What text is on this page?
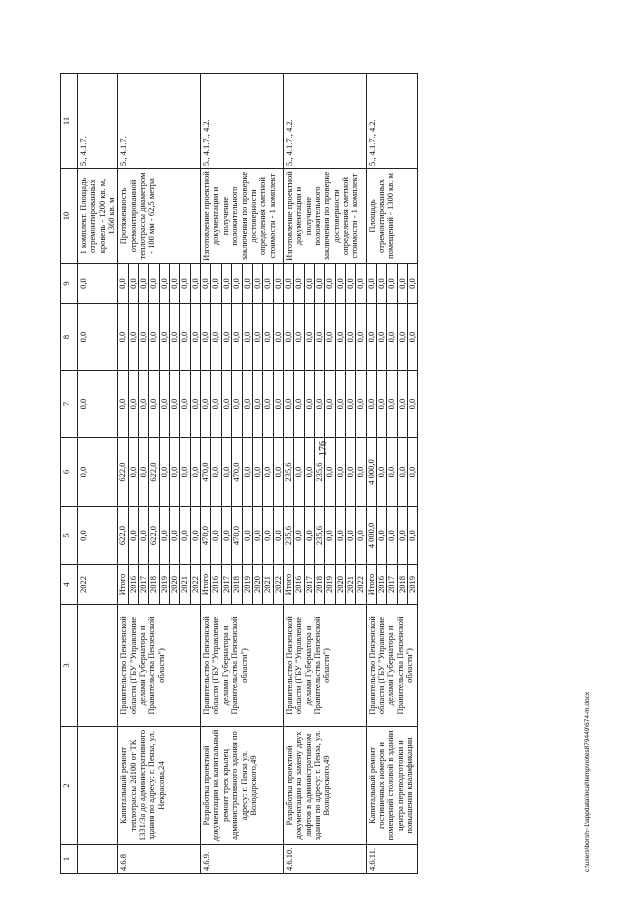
176
1	2	3	4	5	6	7	8	9	10	11
			2022	0,0	0,0	0,0	0,0	0,0	1 комплект. Площадь отремонтированных кровель - 1200 кв. м, 1360 кв. м	5., 4.1.7.
4.6.8	Капитальный ремонт теплотрассы 2d100 от ТК 1331/3а до административного здания по адресу: г. Пенза, ул. Некрасова,24	Правительство Пензенской области (ГБУ "Управление делами Губернатора и Правительства Пензенской области")	Итого	622,0	622,0	0,0	0,0	0,0	Протяженность отремонтированной теплотрассы диаметром - 100 мм - 62,5 метра	5., 4.1.7.
			2016	0,0	0,0	0,0	0,0	0,0		
			2017	0,0	0,0	0,0	0,0	0,0		
			2018	622,0	622,0	0,0	0,0	0,0		
			2019	0,0	0,0	0,0	0,0	0,0		
			2020	0,0	0,0	0,0	0,0	0,0		
			2021	0,0	0,0	0,0	0,0	0,0		
			2022	0,0	0,0	0,0	0,0	0,0		
4.6.9.	Разработка проектной документации на капитальный ремонт трех крылец административного здания по адресу: г. Пенза ул. Володарского,49	Правительство Пензенской области (ГБУ "Управление делами Губернатора и Правительства Пензенской области")	Итого	470,0	470,0	0,0	0,0	0,0	Изготовление проектной документации и получение положительного заключения по проверке достоверности определения сметной стоимости - 1 комплект	5., 4.1.7., 4.2.
			2016	0,0	0,0	0,0	0,0	0,0		
			2017	0,0	0,0	0,0	0,0	0,0		
			2018	470,0	470,0	0,0	0,0	0,0		
			2019	0,0	0,0	0,0	0,0	0,0		
			2020	0,0	0,0	0,0	0,0	0,0		
			2021	0,0	0,0	0,0	0,0	0,0		
			2022	0,0	0,0	0,0	0,0	0,0		
4.6.10.	Разработка проектной документации на замену двух лифтов в административном здании по адресу: г. Пенза, ул. Володарского,49	Правительство Пензенской области (ГБУ "Управление делами Губернатора и Правительства Пензенской области")	Итого	235,6	235,6	0,0	0,0	0,0	Изготовление проектной документации и получение положительного заключения по проверке достоверности определения сметной стоимости - 1 комплект	5., 4.1.7., 4.2.
			2016	0,0	0,0	0,0	0,0	0,0		
			2017	0,0	0,0	0,0	0,0	0,0		
			2018	235,6	235,6	0,0	0,0	0,0		
			2019	0,0	0,0	0,0	0,0	0,0		
			2020	0,0	0,0	0,0	0,0	0,0		
			2021	0,0	0,0	0,0	0,0	0,0		
			2022	0,0	0,0	0,0	0,0	0,0		
4.6.11.	Капитальный ремонт гостиничных номеров и помещений столовой в здании центра переподготовки и повышения квалификации	Правительство Пензенской области (ГБУ "Управление делами Губернатора и Правительства Пензенской области")	Итого	4 000,0	4 000,0	0,0	0,0	0,0	Площадь отремонтированных помещений - 1300 кв. м	5., 4.1.7., 4.2.
			2016	0,0	0,0	0,0	0,0	0,0		
			2017	0,0	0,0	0,0	0,0	0,0		
			2018	0,0	0,0	0,0	0,0	0,0		
			2019	0,0	0,0	0,0	0,0	0,0		
c:\users\borsh~1\appdata\local\temp\notes879449\674-m.docx
